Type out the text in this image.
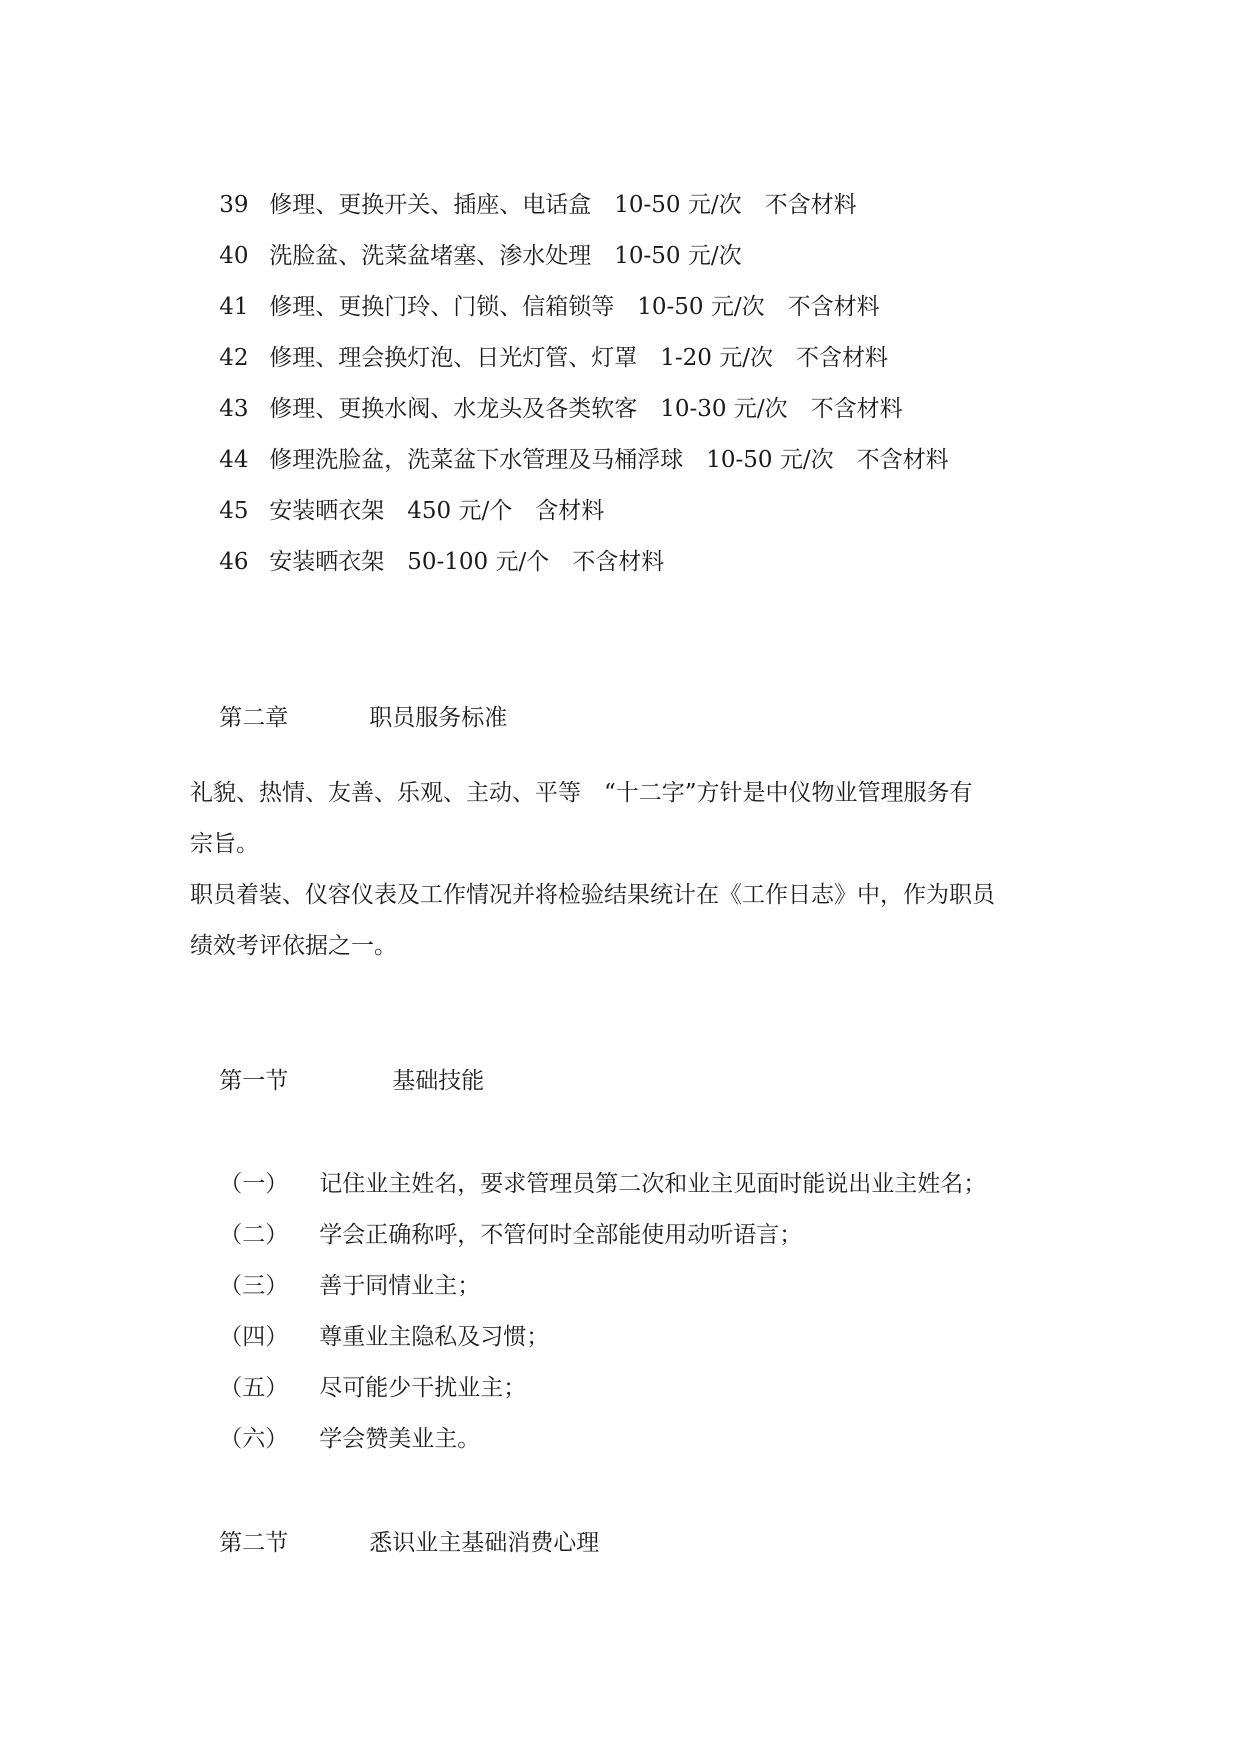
39 修理、更换开关、插座、电话盒　 10-50 元/次　 不含材料

40 洗脸盆、洗菜盆堵塞、渗水处理　 10-50 元/次

41 修理、更换门玲、门锁、信箱锁等　 10-50 元/次　 不含材料

42 修理、理会换灯泡、日光灯管、灯罩　 1-20 元/次　 不含材料

43 修理、更换水阀、水龙头及各类软客　 10-30 元/次　 不含材料

44 修理洗脸盆，洗菜盆下水管理及马桶浮球　 10-50 元/次　 不含材料

45 安装晒衣架　 450 元/个　 含材料

46 安装晒衣架　 50-100 元/个　 不含材料

第二章	职员服务标准

礼貌、热情、友善、乐观、主动、平等　“十二字”方针是中仪物业管理服务有
宗旨。
职员着装、仪容仪表及工作情况并将检验结果统计在《工作日志》中，作为职员
绩效考评依据之一。

第一节	基础技能

（一） 记住业主姓名，要求管理员第二次和业主见面时能说出业主姓名；

（二） 学会正确称呼，不管何时全部能使用动听语言；

（三） 善于同情业主；

（四） 尊重业主隐私及习惯；

（五） 尽可能少干扰业主；

（六） 学会赞美业主。

第二节	悉识业主基础消费心理
